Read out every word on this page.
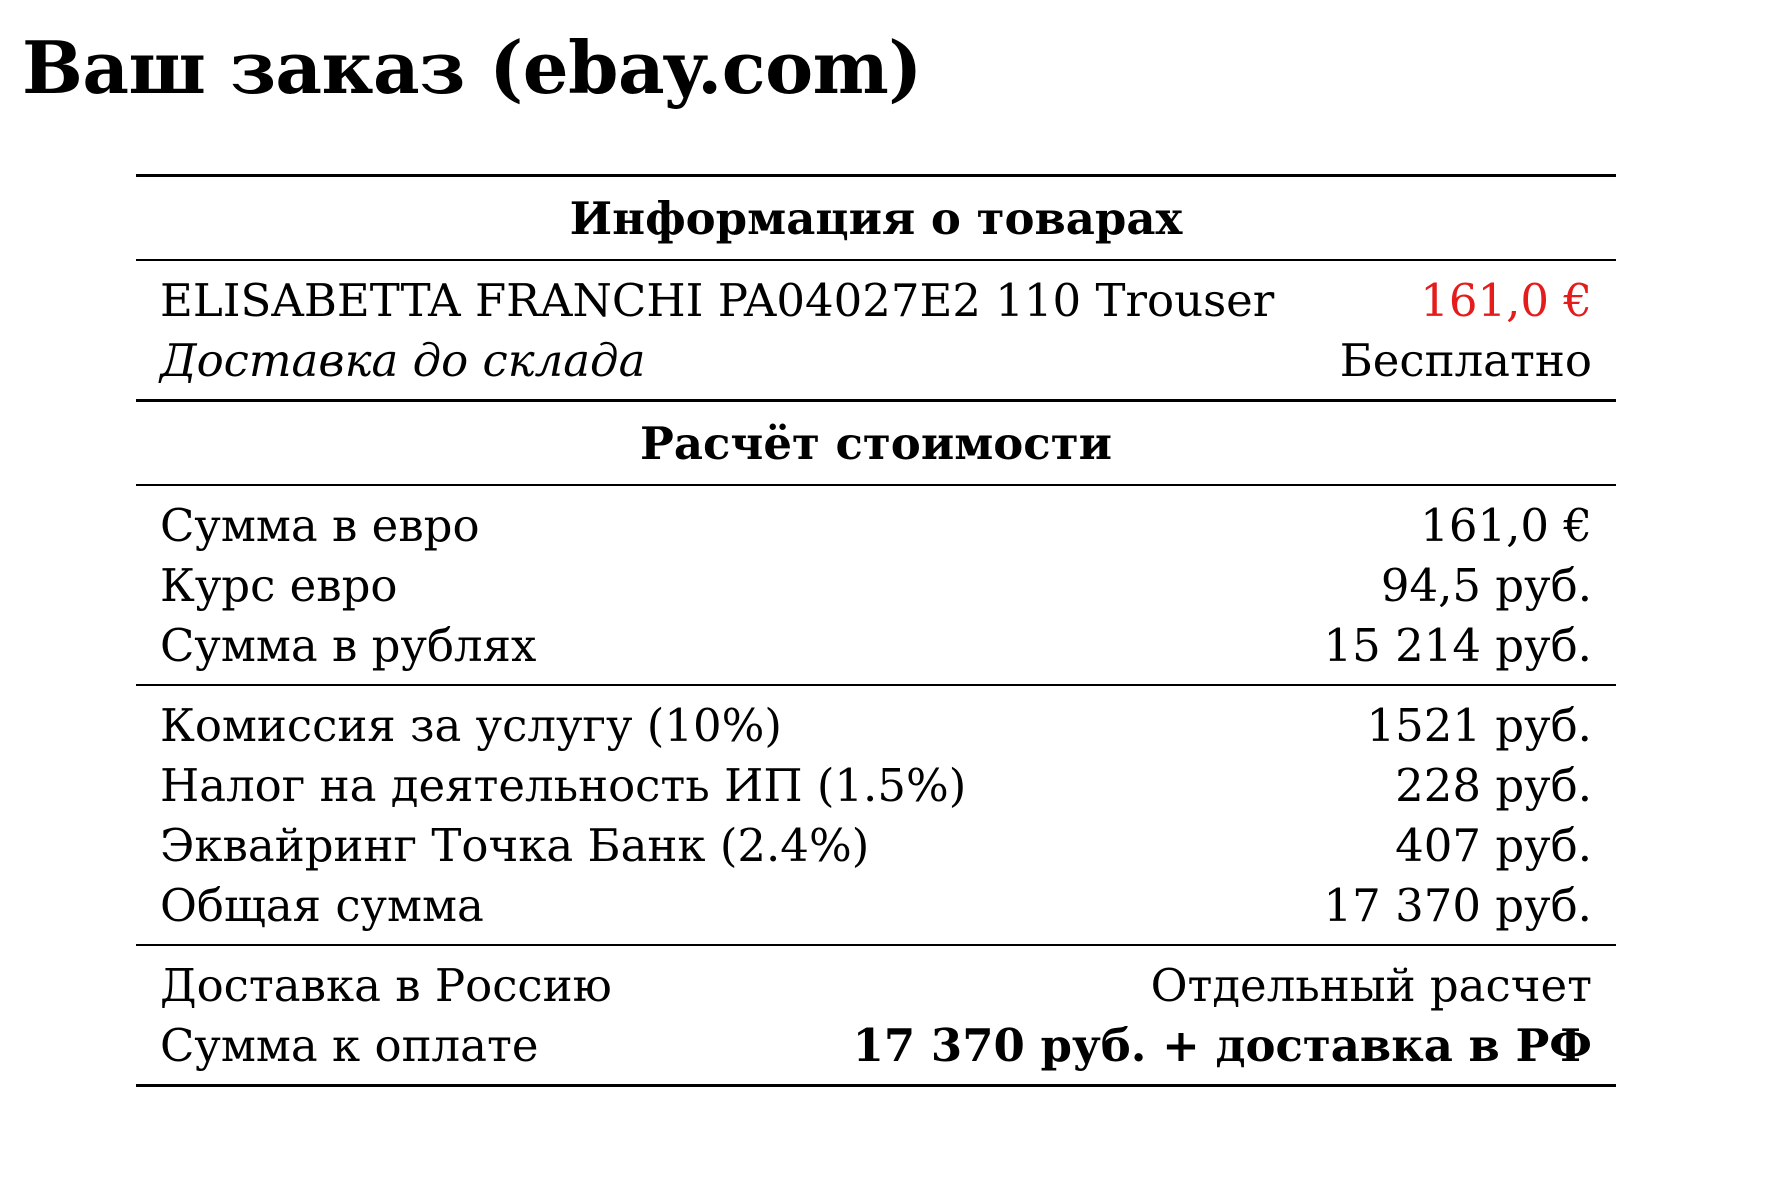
Ваш заказ (ebay.com)
Информация о товарах
ELISABETTA FRANCHI PA04027E2 110 Trouser	161,0 €
Доставка до склада	Бесплатно
Расчёт стоимости
Сумма в евро	161,0 €
Курс евро	94,5 руб.
Сумма в рублях	15 214 руб.
Комиссия за услугу (10%)	1521 руб.
Налог на деятельность ИП (1.5%)	228 руб.
Эквайринг Точка Банк (2.4%)	407 руб.
Общая сумма	17 370 руб.
Доставка в Россию	Отдельный расчет
Сумма к оплате	17 370 руб. + доставка в РФ
